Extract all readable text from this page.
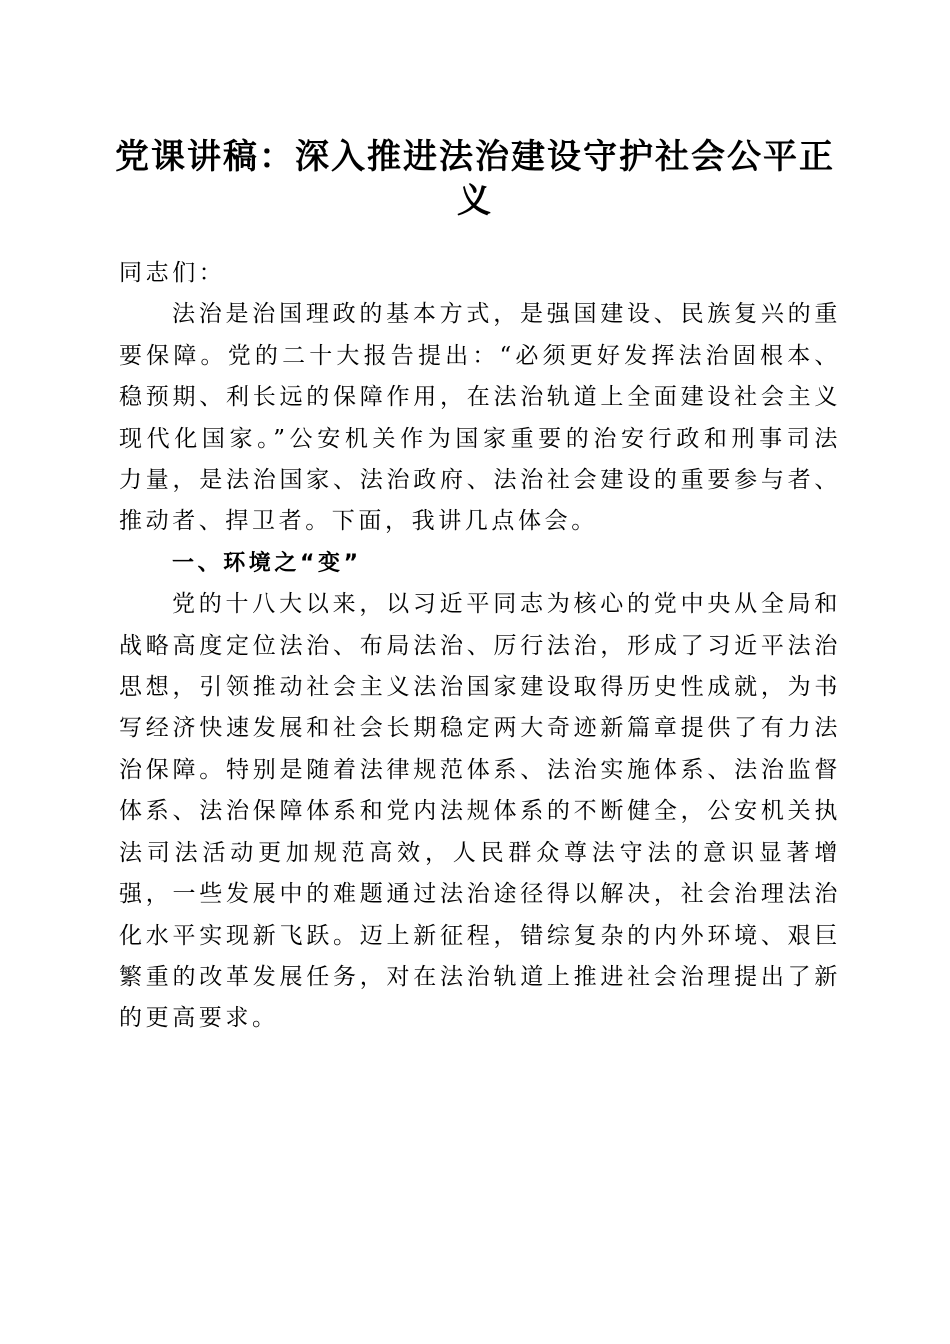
党课讲稿：深入推进法治建设守护社会公平正义

同志们：

法治是治国理政的基本方式，是强国建设、民族复兴的重要保障。党的二十大报告提出：“必须更好发挥法治固根本、稳预期、利长远的保障作用，在法治轨道上全面建设社会主义现代化国家。”公安机关作为国家重要的治安行政和刑事司法力量，是法治国家、法治政府、法治社会建设的重要参与者、推动者、捍卫者。下面，我讲几点体会。

一、环境之“变”

党的十八大以来，以习近平同志为核心的党中央从全局和战略高度定位法治、布局法治、厉行法治，形成了习近平法治思想，引领推动社会主义法治国家建设取得历史性成就，为书写经济快速发展和社会长期稳定两大奇迹新篇章提供了有力法治保障。特别是随着法律规范体系、法治实施体系、法治监督体系、法治保障体系和党内法规体系的不断健全，公安机关执法司法活动更加规范高效，人民群众尊法守法的意识显著增强，一些发展中的难题通过法治途径得以解决，社会治理法治化水平实现新飞跃。迈上新征程，错综复杂的内外环境、艰巨繁重的改革发展任务，对在法治轨道上推进社会治理提出了新的更高要求。
